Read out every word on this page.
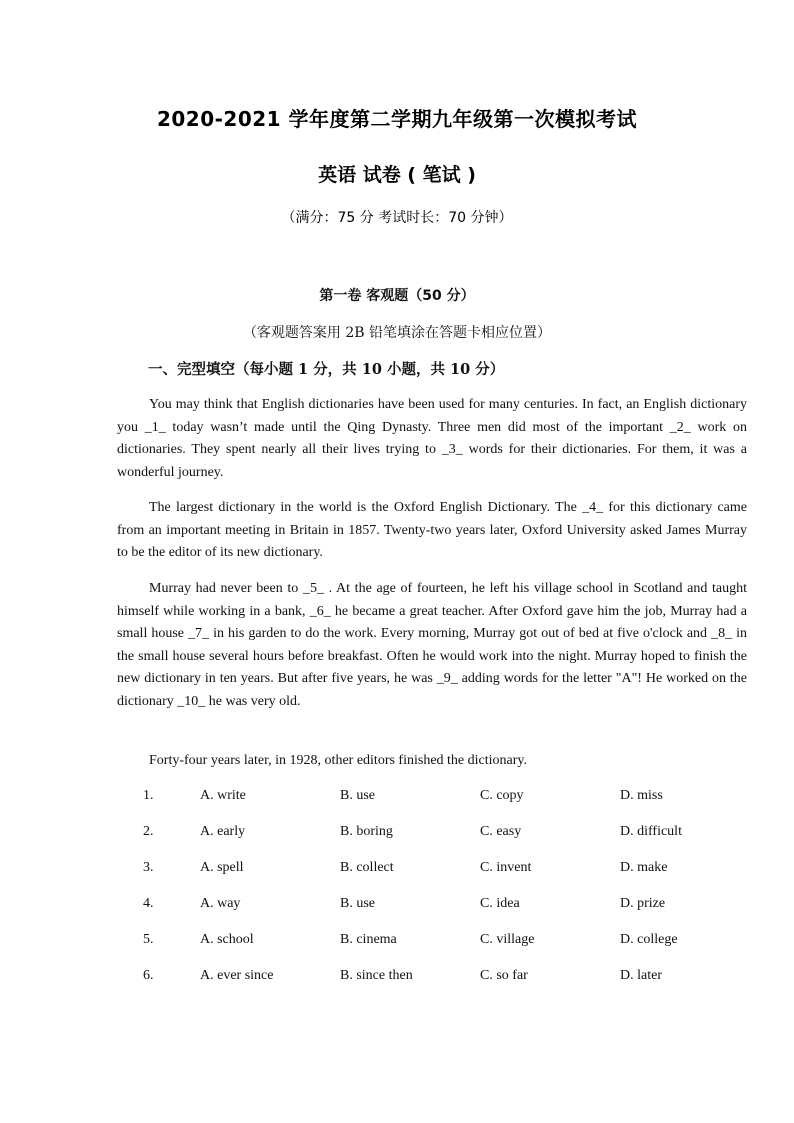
2020-2021 学年度第二学期九年级第一次模拟考试
英语 试卷 ( 笔试 )
（满分：75 分 考试时长：70 分钟）
第一卷 客观题（50 分）
（客观题答案用 2B 铅笔填涂在答题卡相应位置）
一、完型填空（每小题 1 分，共 10 小题，共 10 分）

You may think that English dictionaries have been used for many centuries. In fact, an English dictionary you _1_ today wasn’t made until the Qing Dynasty. Three men did most of the important _2_ work on dictionaries. They spent nearly all their lives trying to _3_ words for their dictionaries. For them, it was a wonderful journey.

The largest dictionary in the world is the Oxford English Dictionary. The _4_ for this dictionary came from an important meeting in Britain in 1857. Twenty-two years later, Oxford University asked James Murray to be the editor of its new dictionary.

Murray had never been to _5_ . At the age of fourteen, he left his village school in Scotland and taught himself while working in a bank, _6_ he became a great teacher. After Oxford gave him the job, Murray had a small house _7_ in his garden to do the work. Every morning, Murray got out of bed at five o'clock and _8_ in the small house several hours before breakfast. Often he would work into the night. Murray hoped to finish the new dictionary in ten years. But after five years, he was _9_ adding words for the letter "A"! He worked on the dictionary _10_ he was very old.

Forty-four years later, in 1928, other editors finished the dictionary.

1.	A. write	B. use	C. copy	D. miss
2.	A. early	B. boring	C. easy	D. difficult
3.	A. spell	B. collect	C. invent	D. make
4.	A. way	B. use	C. idea	D. prize
5.	A. school	B. cinema	C. village	D. college
6.	A. ever since	B. since then	C. so far	D. later
